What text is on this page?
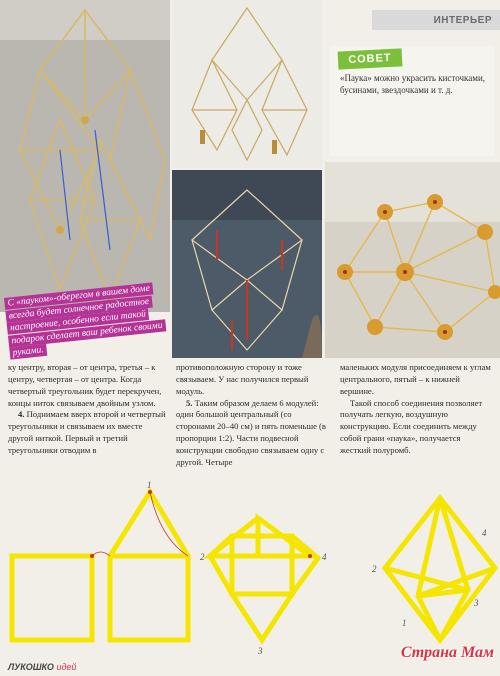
ИНТЕРЬЕР
СОВЕТ
«Паука» можно украсить кисточками, бусинами, звездочками и т. д.
С «пауком»-оберегом в вашем доме всегда будет солнечное радостное настроение, особенно если такой подарок сделает ваш ребенок своими руками.

ку центру, вторая – от центра, третья – к центру, четвертая – от центра. Когда четвертый треугольник будет перекручен, концы ниток связываем двойным узлом.

4. Поднимаем вверх второй и четвертый треугольники и связываем их вместе другой ниткой. Первый и третий треугольники отводим в

противоположную сторону и тоже связываем. У нас получился первый модуль.

5. Таким образом делаем 6 модулей: один большой центральный (со сторонами 20–40 см) и пять поменьше (в пропорции 1:2). Части подвесной конструкции свободно связываем одну с другой. Четыре

маленьких модуля присоединяем к углам центрального, пятый – к нижней вершине.

Такой способ соединения позволяет получать легкую, воздушную конструкцию. Если соединить между собой грани «паука», получается жесткий полуромб.

1
2
3
4
1
2
3
4
ЛУКОШКО идей
Страна Мам
